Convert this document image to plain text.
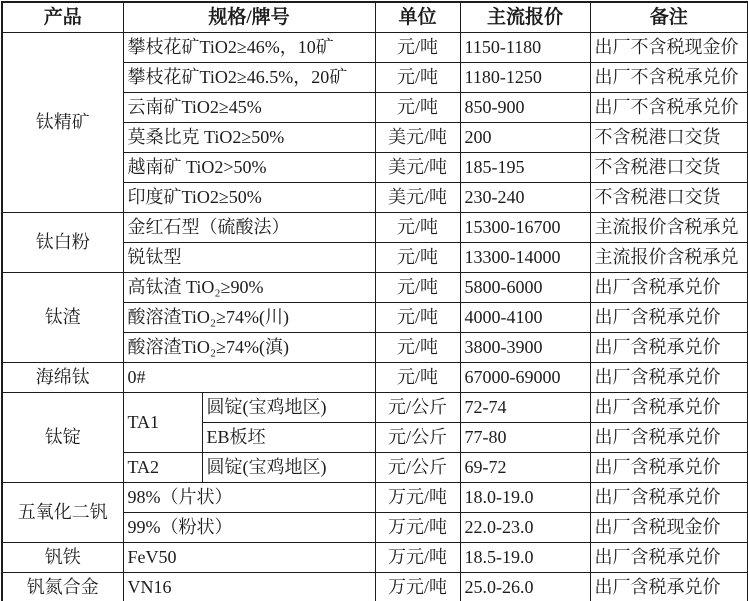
产品	规格/牌号		单位	主流报价	备注
钛精矿	攀枝花矿TiO2≥46%，10矿		元/吨	1150-1180	出厂不含税现金价
	攀枝花矿TiO2≥46.5%，20矿		元/吨	1180-1250	出厂不含税承兑价
	云南矿TiO2≥45%		元/吨	850-900	出厂不含税承兑价
	莫桑比克 TiO2≥50%		美元/吨	200	不含税港口交货
	越南矿 TiO2>50%		美元/吨	185-195	不含税港口交货
	印度矿TiO2≥50%		美元/吨	230-240	不含税港口交货
钛白粉	金红石型（硫酸法）		元/吨	15300-16700	主流报价含税承兑
	锐钛型		元/吨	13300-14000	主流报价含税承兑
钛渣	高钛渣 TiO₂≥90%		元/吨	5800-6000	出厂含税承兑价
	酸溶渣TiO₂≥74%(川)		元/吨	4000-4100	出厂含税承兑价
	酸溶渣TiO₂≥74%(滇)		元/吨	3800-3900	出厂含税承兑价
海绵钛	0#		元/吨	67000-69000	出厂含税承兑价
钛锭	TA1	圆锭(宝鸡地区)	元/公斤	72-74	出厂含税承兑价
		EB板坯	元/公斤	77-80	出厂含税承兑价
	TA2	圆锭(宝鸡地区)	元/公斤	69-72	出厂含税承兑价
五氧化二钒	98%（片状）		万元/吨	18.0-19.0	出厂含税承兑价
	99%（粉状）		万元/吨	22.0-23.0	出厂含税现金价
钒铁	FeV50		万元/吨	18.5-19.0	出厂含税承兑价
钒氮合金	VN16		万元/吨	25.0-26.0	出厂含税承兑价
